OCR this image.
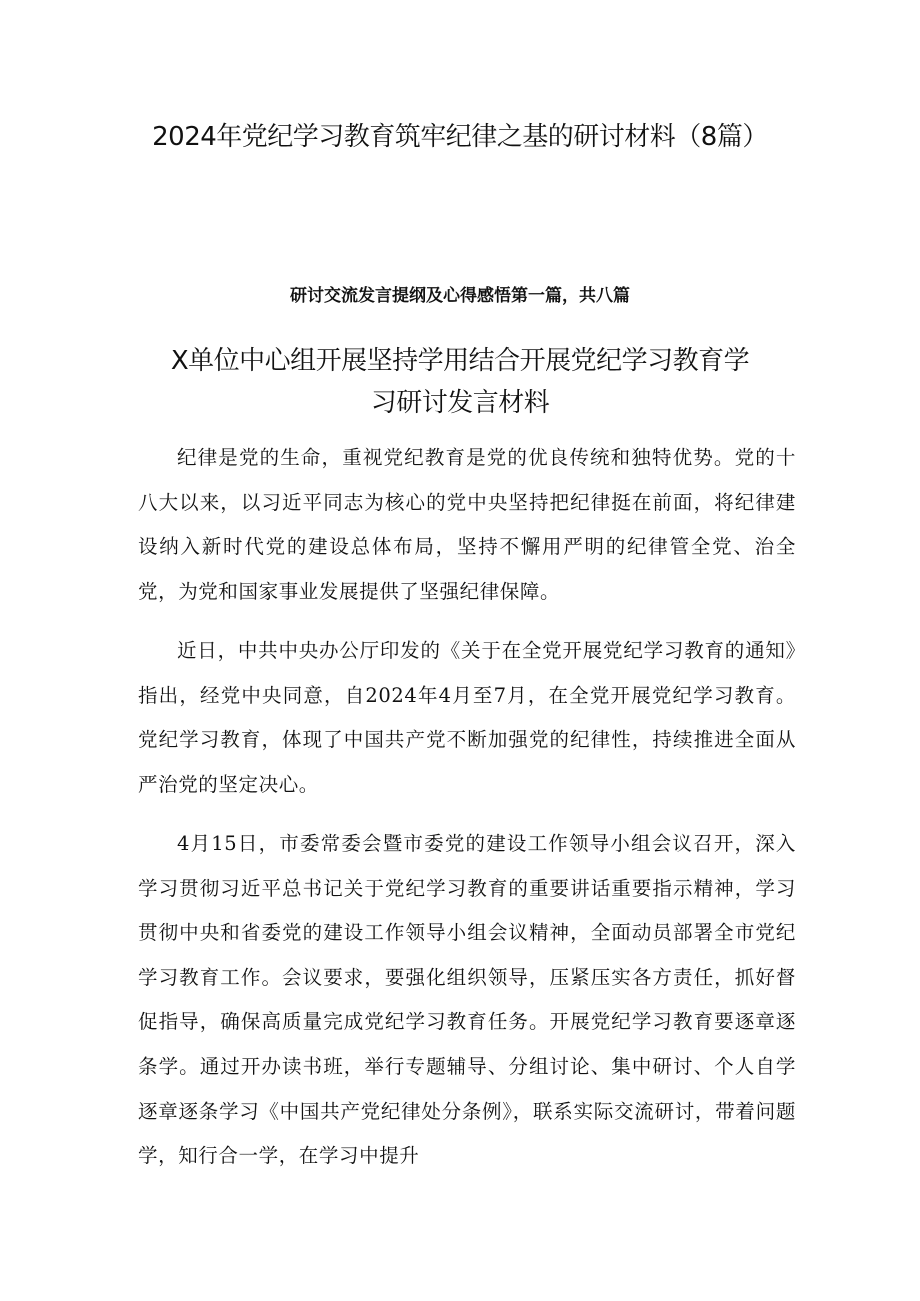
2024年党纪学习教育筑牢纪律之基的研讨材料（8篇）
研讨交流发言提纲及心得感悟第一篇，共八篇
X单位中心组开展坚持学用结合开展党纪学习教育学习研讨发言材料

纪律是党的生命，重视党纪教育是党的优良传统和独特优势。党的十八大以来，以习近平同志为核心的党中央坚持把纪律挺在前面，将纪律建设纳入新时代党的建设总体布局，坚持不懈用严明的纪律管全党、治全党，为党和国家事业发展提供了坚强纪律保障。

近日，中共中央办公厅印发的《关于在全党开展党纪学习教育的通知》指出，经党中央同意，自2024年4月至7月，在全党开展党纪学习教育。党纪学习教育，体现了中国共产党不断加强党的纪律性，持续推进全面从严治党的坚定决心。

4月15日，市委常委会暨市委党的建设工作领导小组会议召开，深入学习贯彻习近平总书记关于党纪学习教育的重要讲话重要指示精神，学习贯彻中央和省委党的建设工作领导小组会议精神，全面动员部署全市党纪学习教育工作。会议要求，要强化组织领导，压紧压实各方责任，抓好督促指导，确保高质量完成党纪学习教育任务。开展党纪学习教育要逐章逐条学。通过开办读书班，举行专题辅导、分组讨论、集中研讨、个人自学逐章逐条学习《中国共产党纪律处分条例》，联系实际交流研讨，带着问题学，知行合一学，在学习中提升
